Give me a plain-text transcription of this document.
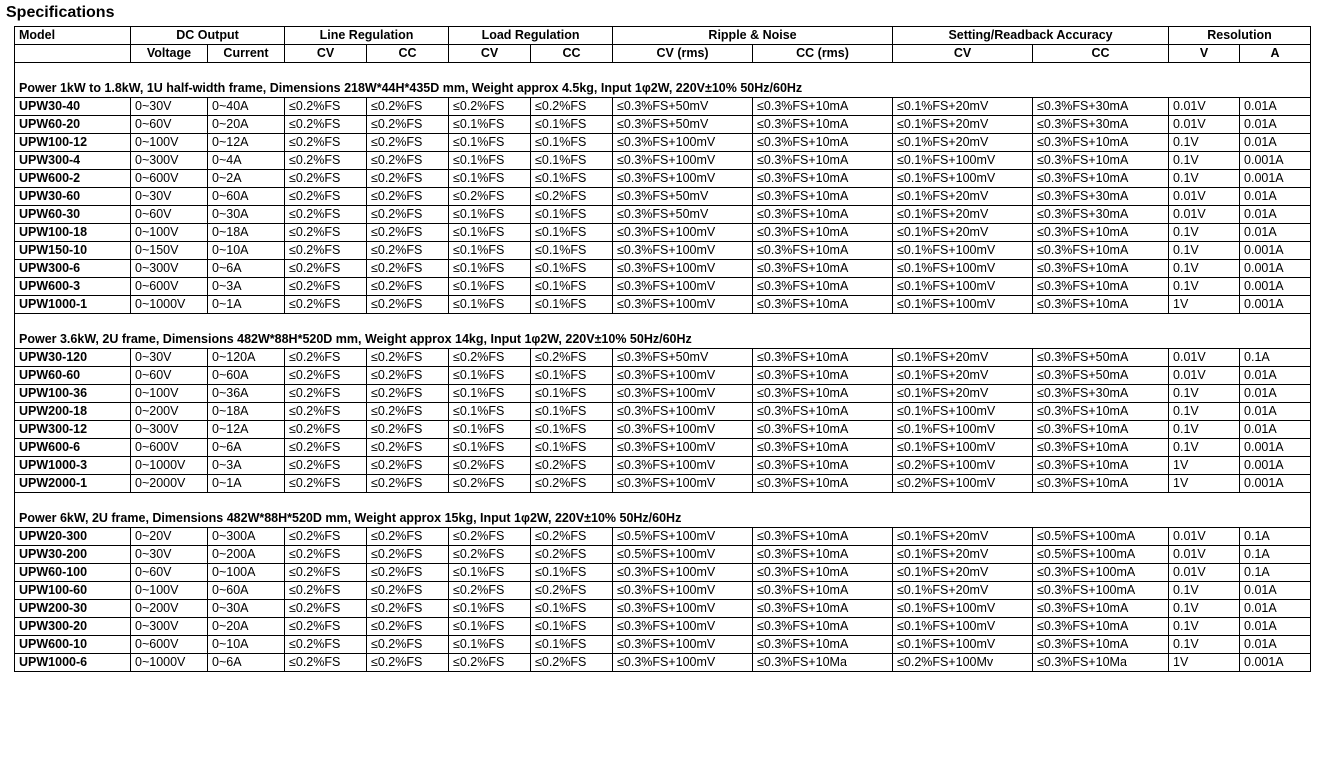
Specifications
Model	DC Output		Line Regulation		Load Regulation		Ripple & Noise		Setting/Readback Accuracy		Resolution	
	Voltage	Current	CV	CC	CV	CC	CV (rms)	CC (rms)	CV	CC	V	A

Power 1kW to 1.8kW, 1U half-width frame, Dimensions 218W*44H*435D mm, Weight approx 4.5kg, Input 1φ2W, 220V±10% 50Hz/60Hz												
UPW30-40	0~30V	0~40A	≤0.2%FS	≤0.2%FS	≤0.2%FS	≤0.2%FS	≤0.3%FS+50mV	≤0.3%FS+10mA	≤0.1%FS+20mV	≤0.3%FS+30mA	0.01V	0.01A
UPW60-20	0~60V	0~20A	≤0.2%FS	≤0.2%FS	≤0.1%FS	≤0.1%FS	≤0.3%FS+50mV	≤0.3%FS+10mA	≤0.1%FS+20mV	≤0.3%FS+30mA	0.01V	0.01A
UPW100-12	0~100V	0~12A	≤0.2%FS	≤0.2%FS	≤0.1%FS	≤0.1%FS	≤0.3%FS+100mV	≤0.3%FS+10mA	≤0.1%FS+20mV	≤0.3%FS+10mA	0.1V	0.01A
UPW300-4	0~300V	0~4A	≤0.2%FS	≤0.2%FS	≤0.1%FS	≤0.1%FS	≤0.3%FS+100mV	≤0.3%FS+10mA	≤0.1%FS+100mV	≤0.3%FS+10mA	0.1V	0.001A
UPW600-2	0~600V	0~2A	≤0.2%FS	≤0.2%FS	≤0.1%FS	≤0.1%FS	≤0.3%FS+100mV	≤0.3%FS+10mA	≤0.1%FS+100mV	≤0.3%FS+10mA	0.1V	0.001A
UPW30-60	0~30V	0~60A	≤0.2%FS	≤0.2%FS	≤0.2%FS	≤0.2%FS	≤0.3%FS+50mV	≤0.3%FS+10mA	≤0.1%FS+20mV	≤0.3%FS+30mA	0.01V	0.01A
UPW60-30	0~60V	0~30A	≤0.2%FS	≤0.2%FS	≤0.1%FS	≤0.1%FS	≤0.3%FS+50mV	≤0.3%FS+10mA	≤0.1%FS+20mV	≤0.3%FS+30mA	0.01V	0.01A
UPW100-18	0~100V	0~18A	≤0.2%FS	≤0.2%FS	≤0.1%FS	≤0.1%FS	≤0.3%FS+100mV	≤0.3%FS+10mA	≤0.1%FS+20mV	≤0.3%FS+10mA	0.1V	0.01A
UPW150-10	0~150V	0~10A	≤0.2%FS	≤0.2%FS	≤0.1%FS	≤0.1%FS	≤0.3%FS+100mV	≤0.3%FS+10mA	≤0.1%FS+100mV	≤0.3%FS+10mA	0.1V	0.001A
UPW300-6	0~300V	0~6A	≤0.2%FS	≤0.2%FS	≤0.1%FS	≤0.1%FS	≤0.3%FS+100mV	≤0.3%FS+10mA	≤0.1%FS+100mV	≤0.3%FS+10mA	0.1V	0.001A
UPW600-3	0~600V	0~3A	≤0.2%FS	≤0.2%FS	≤0.1%FS	≤0.1%FS	≤0.3%FS+100mV	≤0.3%FS+10mA	≤0.1%FS+100mV	≤0.3%FS+10mA	0.1V	0.001A
UPW1000-1	0~1000V	0~1A	≤0.2%FS	≤0.2%FS	≤0.1%FS	≤0.1%FS	≤0.3%FS+100mV	≤0.3%FS+10mA	≤0.1%FS+100mV	≤0.3%FS+10mA	1V	0.001A

Power 3.6kW, 2U frame, Dimensions 482W*88H*520D mm, Weight approx 14kg, Input 1φ2W, 220V±10% 50Hz/60Hz												
UPW30-120	0~30V	0~120A	≤0.2%FS	≤0.2%FS	≤0.2%FS	≤0.2%FS	≤0.3%FS+50mV	≤0.3%FS+10mA	≤0.1%FS+20mV	≤0.3%FS+50mA	0.01V	0.1A
UPW60-60	0~60V	0~60A	≤0.2%FS	≤0.2%FS	≤0.1%FS	≤0.1%FS	≤0.3%FS+100mV	≤0.3%FS+10mA	≤0.1%FS+20mV	≤0.3%FS+50mA	0.01V	0.01A
UPW100-36	0~100V	0~36A	≤0.2%FS	≤0.2%FS	≤0.1%FS	≤0.1%FS	≤0.3%FS+100mV	≤0.3%FS+10mA	≤0.1%FS+20mV	≤0.3%FS+30mA	0.1V	0.01A
UPW200-18	0~200V	0~18A	≤0.2%FS	≤0.2%FS	≤0.1%FS	≤0.1%FS	≤0.3%FS+100mV	≤0.3%FS+10mA	≤0.1%FS+100mV	≤0.3%FS+10mA	0.1V	0.01A
UPW300-12	0~300V	0~12A	≤0.2%FS	≤0.2%FS	≤0.1%FS	≤0.1%FS	≤0.3%FS+100mV	≤0.3%FS+10mA	≤0.1%FS+100mV	≤0.3%FS+10mA	0.1V	0.01A
UPW600-6	0~600V	0~6A	≤0.2%FS	≤0.2%FS	≤0.1%FS	≤0.1%FS	≤0.3%FS+100mV	≤0.3%FS+10mA	≤0.1%FS+100mV	≤0.3%FS+10mA	0.1V	0.001A
UPW1000-3	0~1000V	0~3A	≤0.2%FS	≤0.2%FS	≤0.2%FS	≤0.2%FS	≤0.3%FS+100mV	≤0.3%FS+10mA	≤0.2%FS+100mV	≤0.3%FS+10mA	1V	0.001A
UPW2000-1	0~2000V	0~1A	≤0.2%FS	≤0.2%FS	≤0.2%FS	≤0.2%FS	≤0.3%FS+100mV	≤0.3%FS+10mA	≤0.2%FS+100mV	≤0.3%FS+10mA	1V	0.001A

Power 6kW, 2U frame, Dimensions 482W*88H*520D mm, Weight approx 15kg, Input 1φ2W, 220V±10% 50Hz/60Hz												
UPW20-300	0~20V	0~300A	≤0.2%FS	≤0.2%FS	≤0.2%FS	≤0.2%FS	≤0.5%FS+100mV	≤0.3%FS+10mA	≤0.1%FS+20mV	≤0.5%FS+100mA	0.01V	0.1A
UPW30-200	0~30V	0~200A	≤0.2%FS	≤0.2%FS	≤0.2%FS	≤0.2%FS	≤0.5%FS+100mV	≤0.3%FS+10mA	≤0.1%FS+20mV	≤0.5%FS+100mA	0.01V	0.1A
UPW60-100	0~60V	0~100A	≤0.2%FS	≤0.2%FS	≤0.1%FS	≤0.1%FS	≤0.3%FS+100mV	≤0.3%FS+10mA	≤0.1%FS+20mV	≤0.3%FS+100mA	0.01V	0.1A
UPW100-60	0~100V	0~60A	≤0.2%FS	≤0.2%FS	≤0.2%FS	≤0.2%FS	≤0.3%FS+100mV	≤0.3%FS+10mA	≤0.1%FS+20mV	≤0.3%FS+100mA	0.1V	0.01A
UPW200-30	0~200V	0~30A	≤0.2%FS	≤0.2%FS	≤0.1%FS	≤0.1%FS	≤0.3%FS+100mV	≤0.3%FS+10mA	≤0.1%FS+100mV	≤0.3%FS+10mA	0.1V	0.01A
UPW300-20	0~300V	0~20A	≤0.2%FS	≤0.2%FS	≤0.1%FS	≤0.1%FS	≤0.3%FS+100mV	≤0.3%FS+10mA	≤0.1%FS+100mV	≤0.3%FS+10mA	0.1V	0.01A
UPW600-10	0~600V	0~10A	≤0.2%FS	≤0.2%FS	≤0.1%FS	≤0.1%FS	≤0.3%FS+100mV	≤0.3%FS+10mA	≤0.1%FS+100mV	≤0.3%FS+10mA	0.1V	0.01A
UPW1000-6	0~1000V	0~6A	≤0.2%FS	≤0.2%FS	≤0.2%FS	≤0.2%FS	≤0.3%FS+100mV	≤0.3%FS+10Ma	≤0.2%FS+100Mv	≤0.3%FS+10Ma	1V	0.001A
